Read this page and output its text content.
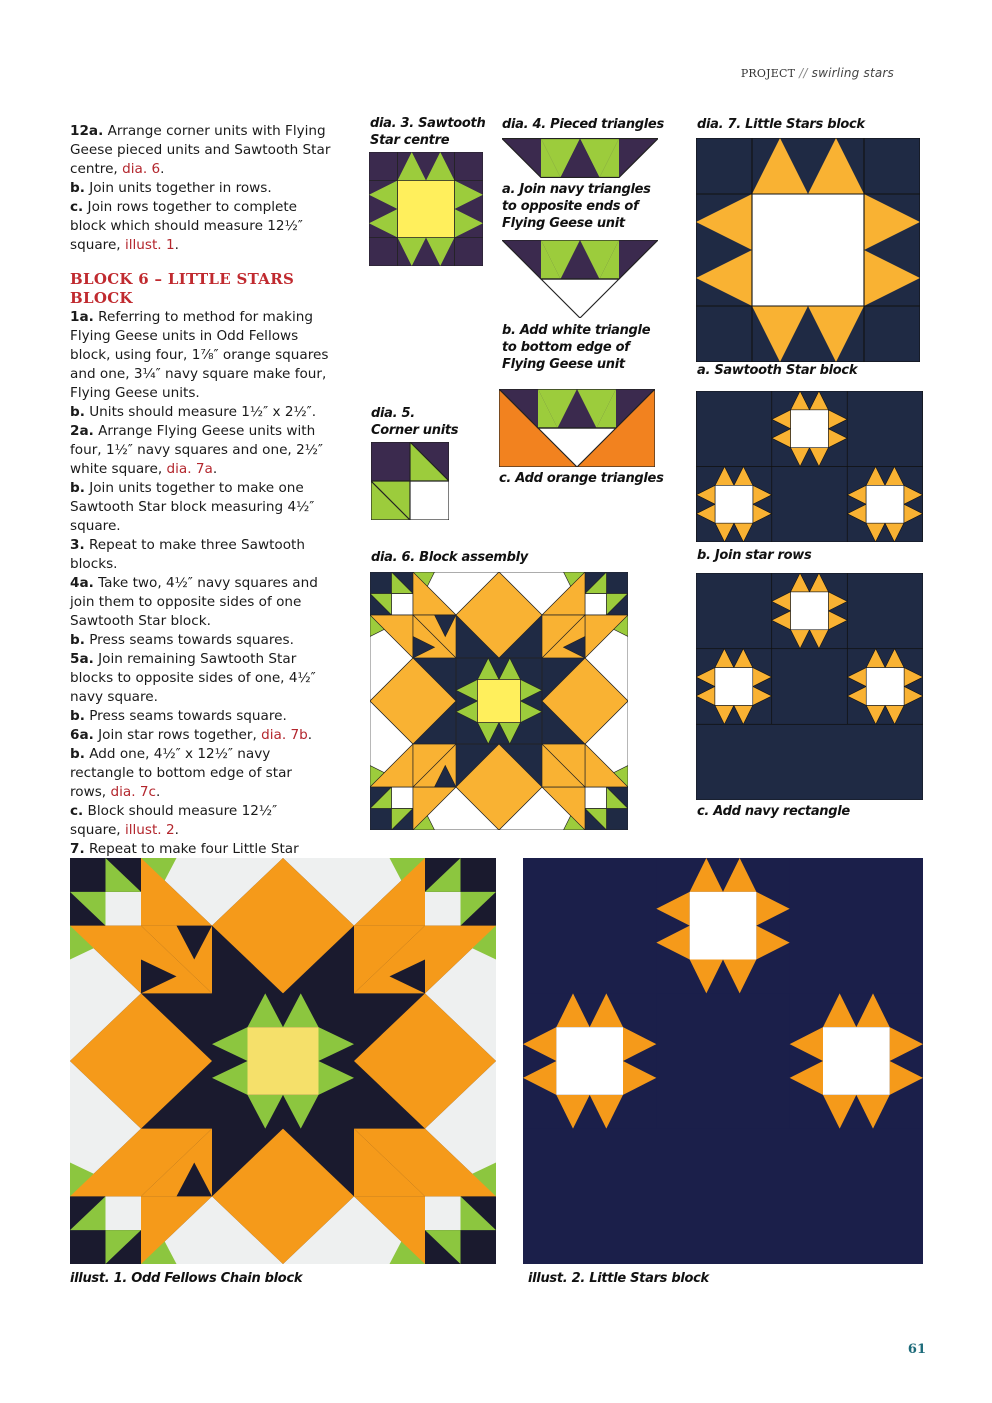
PROJECT // swirling stars

12a. Arrange corner units with Flying Geese pieced units and Sawtooth Star centre, dia. 6.

b. Join units together in rows.

c. Join rows together to complete block which should measure 12½″ square, illust. 1.

BLOCK 6 – LITTLE STARS BLOCK

1a. Referring to method for making Flying Geese units in Odd Fellows block, using four, 1⅞″ orange squares and one, 3¼″ navy square make four, Flying Geese units.

b. Units should measure 1½″ x 2½″.

2a. Arrange Flying Geese units with four, 1½″ navy squares and one, 2½″ white square, dia. 7a.

b. Join units together to make one Sawtooth Star block measuring 4½″ square.

3. Repeat to make three Sawtooth blocks.

4a. Take two, 4½″ navy squares and join them to opposite sides of one Sawtooth Star block.

b. Press seams towards squares.

5a. Join remaining Sawtooth Star blocks to opposite sides of one, 4½″ navy square.

b. Press seams towards square.

6a. Join star rows together, dia. 7b.

b. Add one, 4½″ x 12½″ navy rectangle to bottom edge of star rows, dia. 7c.

c. Block should measure 12½″ square, illust. 2.

7. Repeat to make four Little Star

dia. 3. Sawtooth Star centre
dia. 4. Pieced triangles
a. Join navy triangles to opposite ends of Flying Geese unit
b. Add white triangle to bottom edge of Flying Geese unit
c. Add orange triangles
dia. 5. Corner units
dia. 6. Block assembly
dia. 7. Little Stars block
a. Sawtooth Star block
b. Join star rows
c. Add navy rectangle
illust. 1. Odd Fellows Chain block	illust. 2. Little Stars block
61
